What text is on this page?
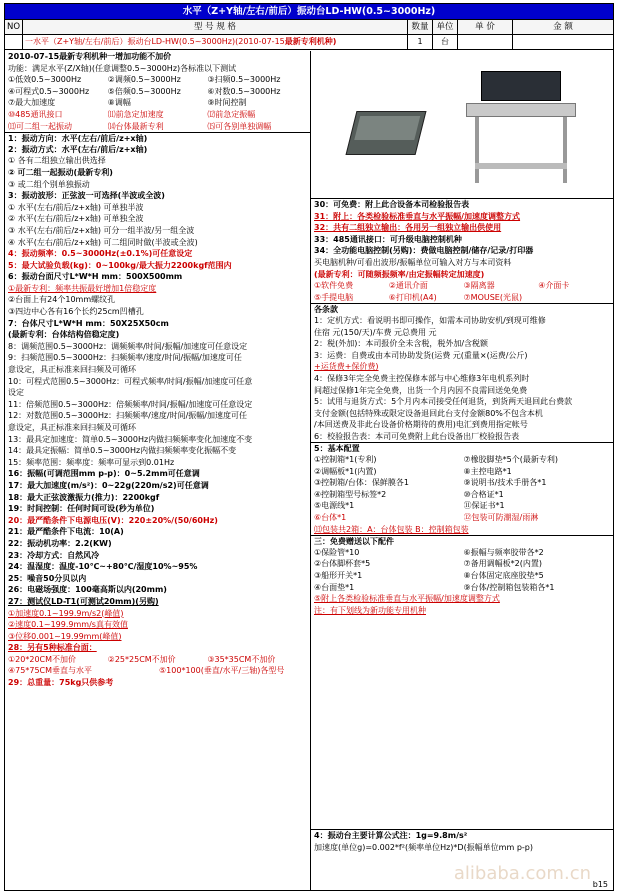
水平（Z+Y轴/左右/前后）振动台LD-HW(0.5~3000Hz)
NO	型 号 规 格	数量 单位	单 价	金 额
一水平（Z+Y轴/左右/前后）振动台LD-HW(0.5~3000Hz)(2010-07-15最新专利机种)	1	台
2010-07-15最新专利机种一增加功能不加价
功能：满足水平(Z/X轴)(任意调整0.5~3000Hz)各标准以下测试
①低效0.5~3000Hz	②调频0.5~3000Hz	③扫频0.5~3000Hz
④可程式0.5~3000Hz	⑤倍频0.5~3000Hz	⑥对数0.5~3000Hz
⑦最大加速度	⑧调幅	⑨时间控制
⑩485通讯接口	⑾前急定加速度	⑿前急定振幅
⒀可二组一起振动	⒁台体最新专利	⒂可各别单独调幅
1：振动方向：水平(左右/前后/z+x轴)
2：振动方式：水平(左右/前后/z+x轴)
① 各有二组独立输出供选择
② 可二组一起振动(最新专利)
③ 或二组个别单独振动
3：振动波形：正弦波一可选择(半波或全波)
① 水平(左右/前后/z+x轴) 可单独半波
② 水平(左右/前后/z+x轴) 可单独全波
③ 水平(左右/前后/z+x轴) 可分一组半波/另一组全波
④ 水平(左右/前后/z+x轴) 可二组同时做(半波或全波)
4：振动频率：0.5~3000Hz(±0.1%)可任意设定
5：最大试验负载(kg)：0~100kg/最大振力2200kgf范围内
6：振动台面尺寸L*W*H mm：500X500mm
①最新专利：频率共振最好增加1倍稳定度
②台面上有24个10mm螺纹孔
③四边中心各有16个长约25cm凹槽孔
7：台体尺寸L*W*H mm：50X25X50cm
(最新专利：台体结构倍稳定度)
8：调频范围0.5~3000Hz：调频频率/时间/振幅/加速度可任意设定
9：扫频范围0.5~3000Hz：扫频频率/速度/时间/振幅/加速度可任
意设定，具正标准来回扫频及可循环
10：可程式范围0.5~3000Hz：可程式频率/时间/振幅/加速度可任意
设定
11：倍频范围0.5~3000Hz：倍频频率/时间/振幅/加速度可任意设定
12：对数范围0.5~3000Hz：扫频频率/速度/时间/振幅/加速度可任
意设定，具正标准来回扫频及可循环
13：最具定加速度：简单0.5~3000Hz内做扫频频率变化加速度不变
14：最具定振幅：简单0.5~3000Hz内做扫频频率变化振幅不变
15：频率范围：频率度：频率可显示到0.01Hz
16：振幅(可调范围mm p-p)：0~5.2mm可任意调
17：最大加速度(m/s²)：0~22g(220m/s2)可任意调
18：最大正弦波激振力(推力)：2200kgf
19：时间控制：任何时间可设(秒为单位)
20：最严酷条件下电源电压(V)：220±20%/(50/60Hz)
21：最严酷条件下电流：10(A)
22：振动机功率：2.2(KW)
23：冷却方式：自然风冷
24：温湿度：温度-10℃~+80℃/湿度10%~95%
25：噪音50分贝以内
26：电磁场强度：100毫高斯以内(20mm)
27：测试仪LD-T1(可测试20mm)(另购)
①加速度0.1~199.9m/s2(峰值)
②速度0.1~199.9mm/s真有效值
③位移0.001~19.99mm(峰值)
28：另有5种标准台面：
①20*20CM不加价	②25*25CM不加价	③35*35CM不加价
④75*75CM垂直与水平	⑤100*100(垂直/水平/三轴)各型号
29：总重量：75kg只供参考
30：可免费：附上此合设备本司检验报告表
31：附上：各类检验标准垂直与水平振幅/加速度调整方式
32：共有二组独立输出：各用另一组独立输出供使用
33：485通讯接口：可升级电脑控制机种
34：全功能电脑控制(另购)：费做电脑控制/储存/记录/打印器
买电脑机种/可看出波形/振幅单位可输入对方与本司资料
(最新专利：可随频振频率/由定振幅转定加速度)
①软件免费	②通讯介面	③隔离器	④介面卡
⑤手提电脑	⑥打印机(A4)	⑦MOUSE(光鼠)
各条款
1：定机方式：看说明书即可操作，如需本司协助安机/到现可维修
住宿 元(150/天)/车费 元总费用 元
2：税(外加)：本司报价全未含税，税外加/含税额
3：运费：自费或由本司协助发货(运费 元(重量×(运费/公斤)
+运货费+保价费)
4：保修3年完全免费主控保修本部与中心维修3年电机系列时
间超过保修1年完全免费，出货一个月内因不良需回送免免费
5：试用与退货方式：5个月内本司接受任何退货，到货两天退回此台费款
支付金额(包括特殊或限定设备退回此台支付金额80%不包含本机
/本回送费及非此台设备价格期待的费用)电汇到费用指定帐号
6：校验报告表：本司可免费附上此台设备出厂校验报告表
5：基本配置
①控制箱*1(专利)	⑦橡胶脚垫*5个(最新专利)
②调幅板*1(内置)	⑧主控电路*1
③控制箱/台体：保鲜膜各1	⑨说明书/技术手册各*1
④控制箱型号标签*2	⑩合格证*1
⑤电源线*1	⑪保证书*1
⑥台体*1	⑫包装可防潮湿/雨淋
⒀包装共2箱：A：台体包装 B：控制箱包装
三：免费赠送以下配件
①保险管*10	⑥振幅与频率胶带各*2
②台体脚杯套*5	⑦备用调幅板*2(内置)
③船形开关*1	⑧台体固定底座胶垫*5
④台面垫*1	⑨台体/控制箱包装箱各*1
⑤附上各类检验标准垂直与水平振幅/加速度调整方式
注：有下划线为新功能专用机种
4：振动台主要计算公式注：1g=9.8m/s²
加速度(单位g)=0.002*f²(频率单位Hz)*D(振幅单位mm p-p)
alibaba.com.cn
b15
